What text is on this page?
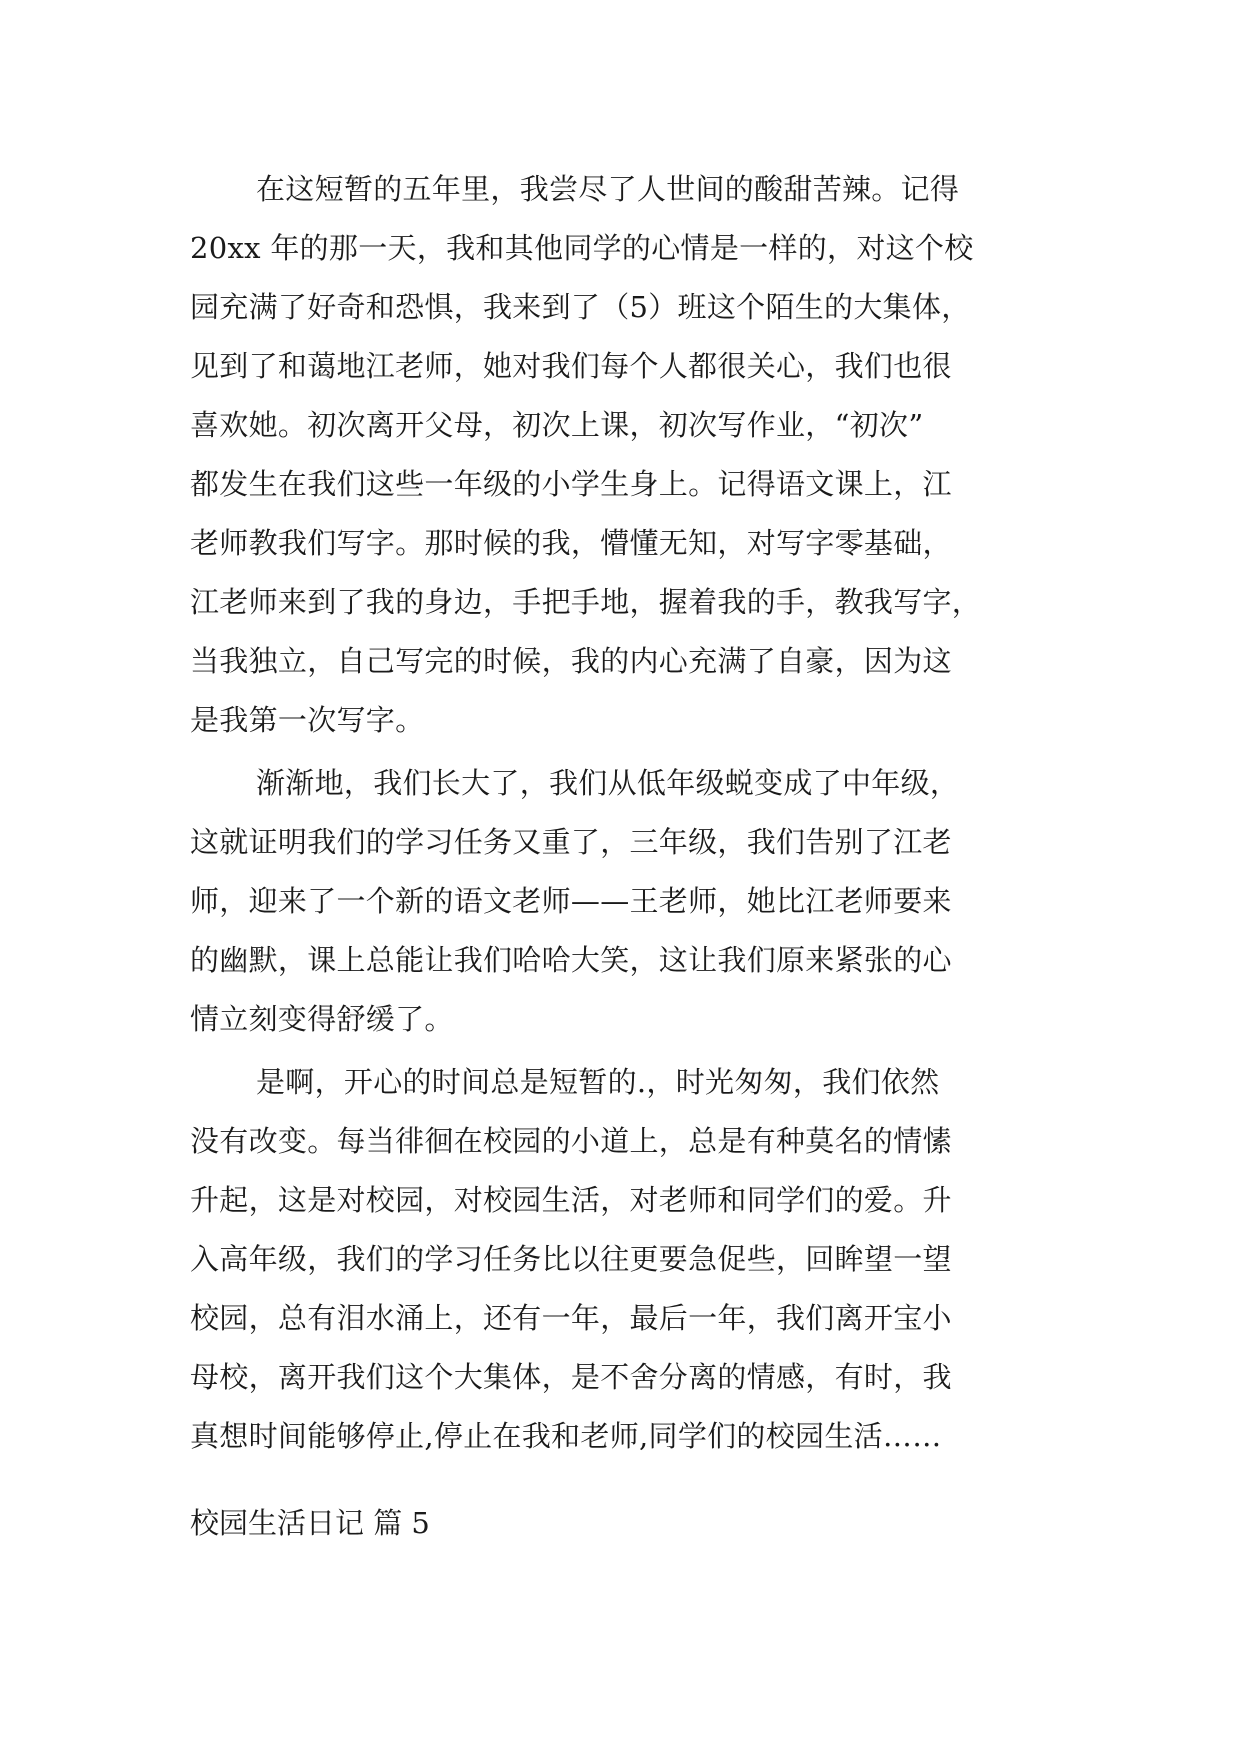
在这短暂的五年里，我尝尽了人世间的酸甜苦辣。记得
20xx 年的那一天，我和其他同学的心情是一样的，对这个校
园充满了好奇和恐惧，我来到了（5）班这个陌生的大集体，
见到了和蔼地江老师，她对我们每个人都很关心，我们也很
喜欢她。初次离开父母，初次上课，初次写作业，“初次”
都发生在我们这些一年级的小学生身上。记得语文课上，江
老师教我们写字。那时候的我，懵懂无知，对写字零基础，
江老师来到了我的身边，手把手地，握着我的手，教我写字，
当我独立，自己写完的时候，我的内心充满了自豪，因为这
是我第一次写字。
渐渐地，我们长大了，我们从低年级蜕变成了中年级，
这就证明我们的学习任务又重了，三年级，我们告别了江老
师，迎来了一个新的语文老师——王老师，她比江老师要来
的幽默，课上总能让我们哈哈大笑，这让我们原来紧张的心
情立刻变得舒缓了。
是啊，开心的时间总是短暂的.，时光匆匆，我们依然
没有改变。每当徘徊在校园的小道上，总是有种莫名的情愫
升起，这是对校园，对校园生活，对老师和同学们的爱。升
入高年级，我们的学习任务比以往更要急促些，回眸望一望
校园，总有泪水涌上，还有一年，最后一年，我们离开宝小
母校，离开我们这个大集体，是不舍分离的情感，有时，我
真想时间能够停止,停止在我和老师,同学们的校园生活……
校园生活日记 篇 5
